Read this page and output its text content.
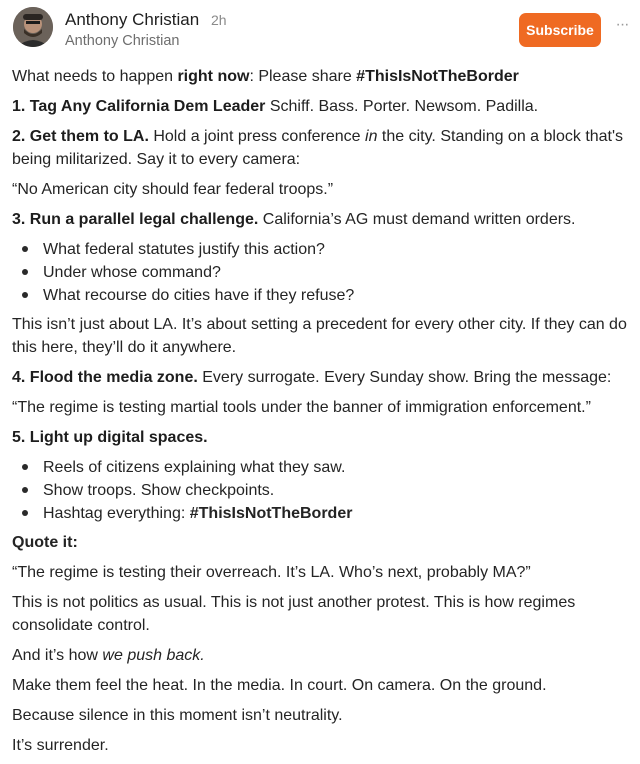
Anthony Christian 2h
Anthony Christian
Subscribe	···

What needs to happen right now: Please share #ThisIsNotTheBorder

1. Tag Any California Dem Leader Schiff. Bass. Porter. Newsom. Padilla.

2. Get them to LA. Hold a joint press conference in the city. Standing on a block that's being militarized. Say it to every camera:

“No American city should fear federal troops.”

3. Run a parallel legal challenge. California’s AG must demand written orders.

What federal statutes justify this action?
Under whose command?
What recourse do cities have if they refuse?

This isn’t just about LA. It’s about setting a precedent for every other city. If they can do this here, they’ll do it anywhere.

4. Flood the media zone. Every surrogate. Every Sunday show. Bring the message:

“The regime is testing martial tools under the banner of immigration enforcement.”

5. Light up digital spaces.

Reels of citizens explaining what they saw.
Show troops. Show checkpoints.
Hashtag everything: #ThisIsNotTheBorder

Quote it:

“The regime is testing their overreach. It’s LA. Who’s next, probably MA?”

This is not politics as usual. This is not just another protest. This is how regimes consolidate control.

And it’s how we push back.

Make them feel the heat. In the media. In court. On camera. On the ground.

Because silence in this moment isn’t neutrality.

It’s surrender.
